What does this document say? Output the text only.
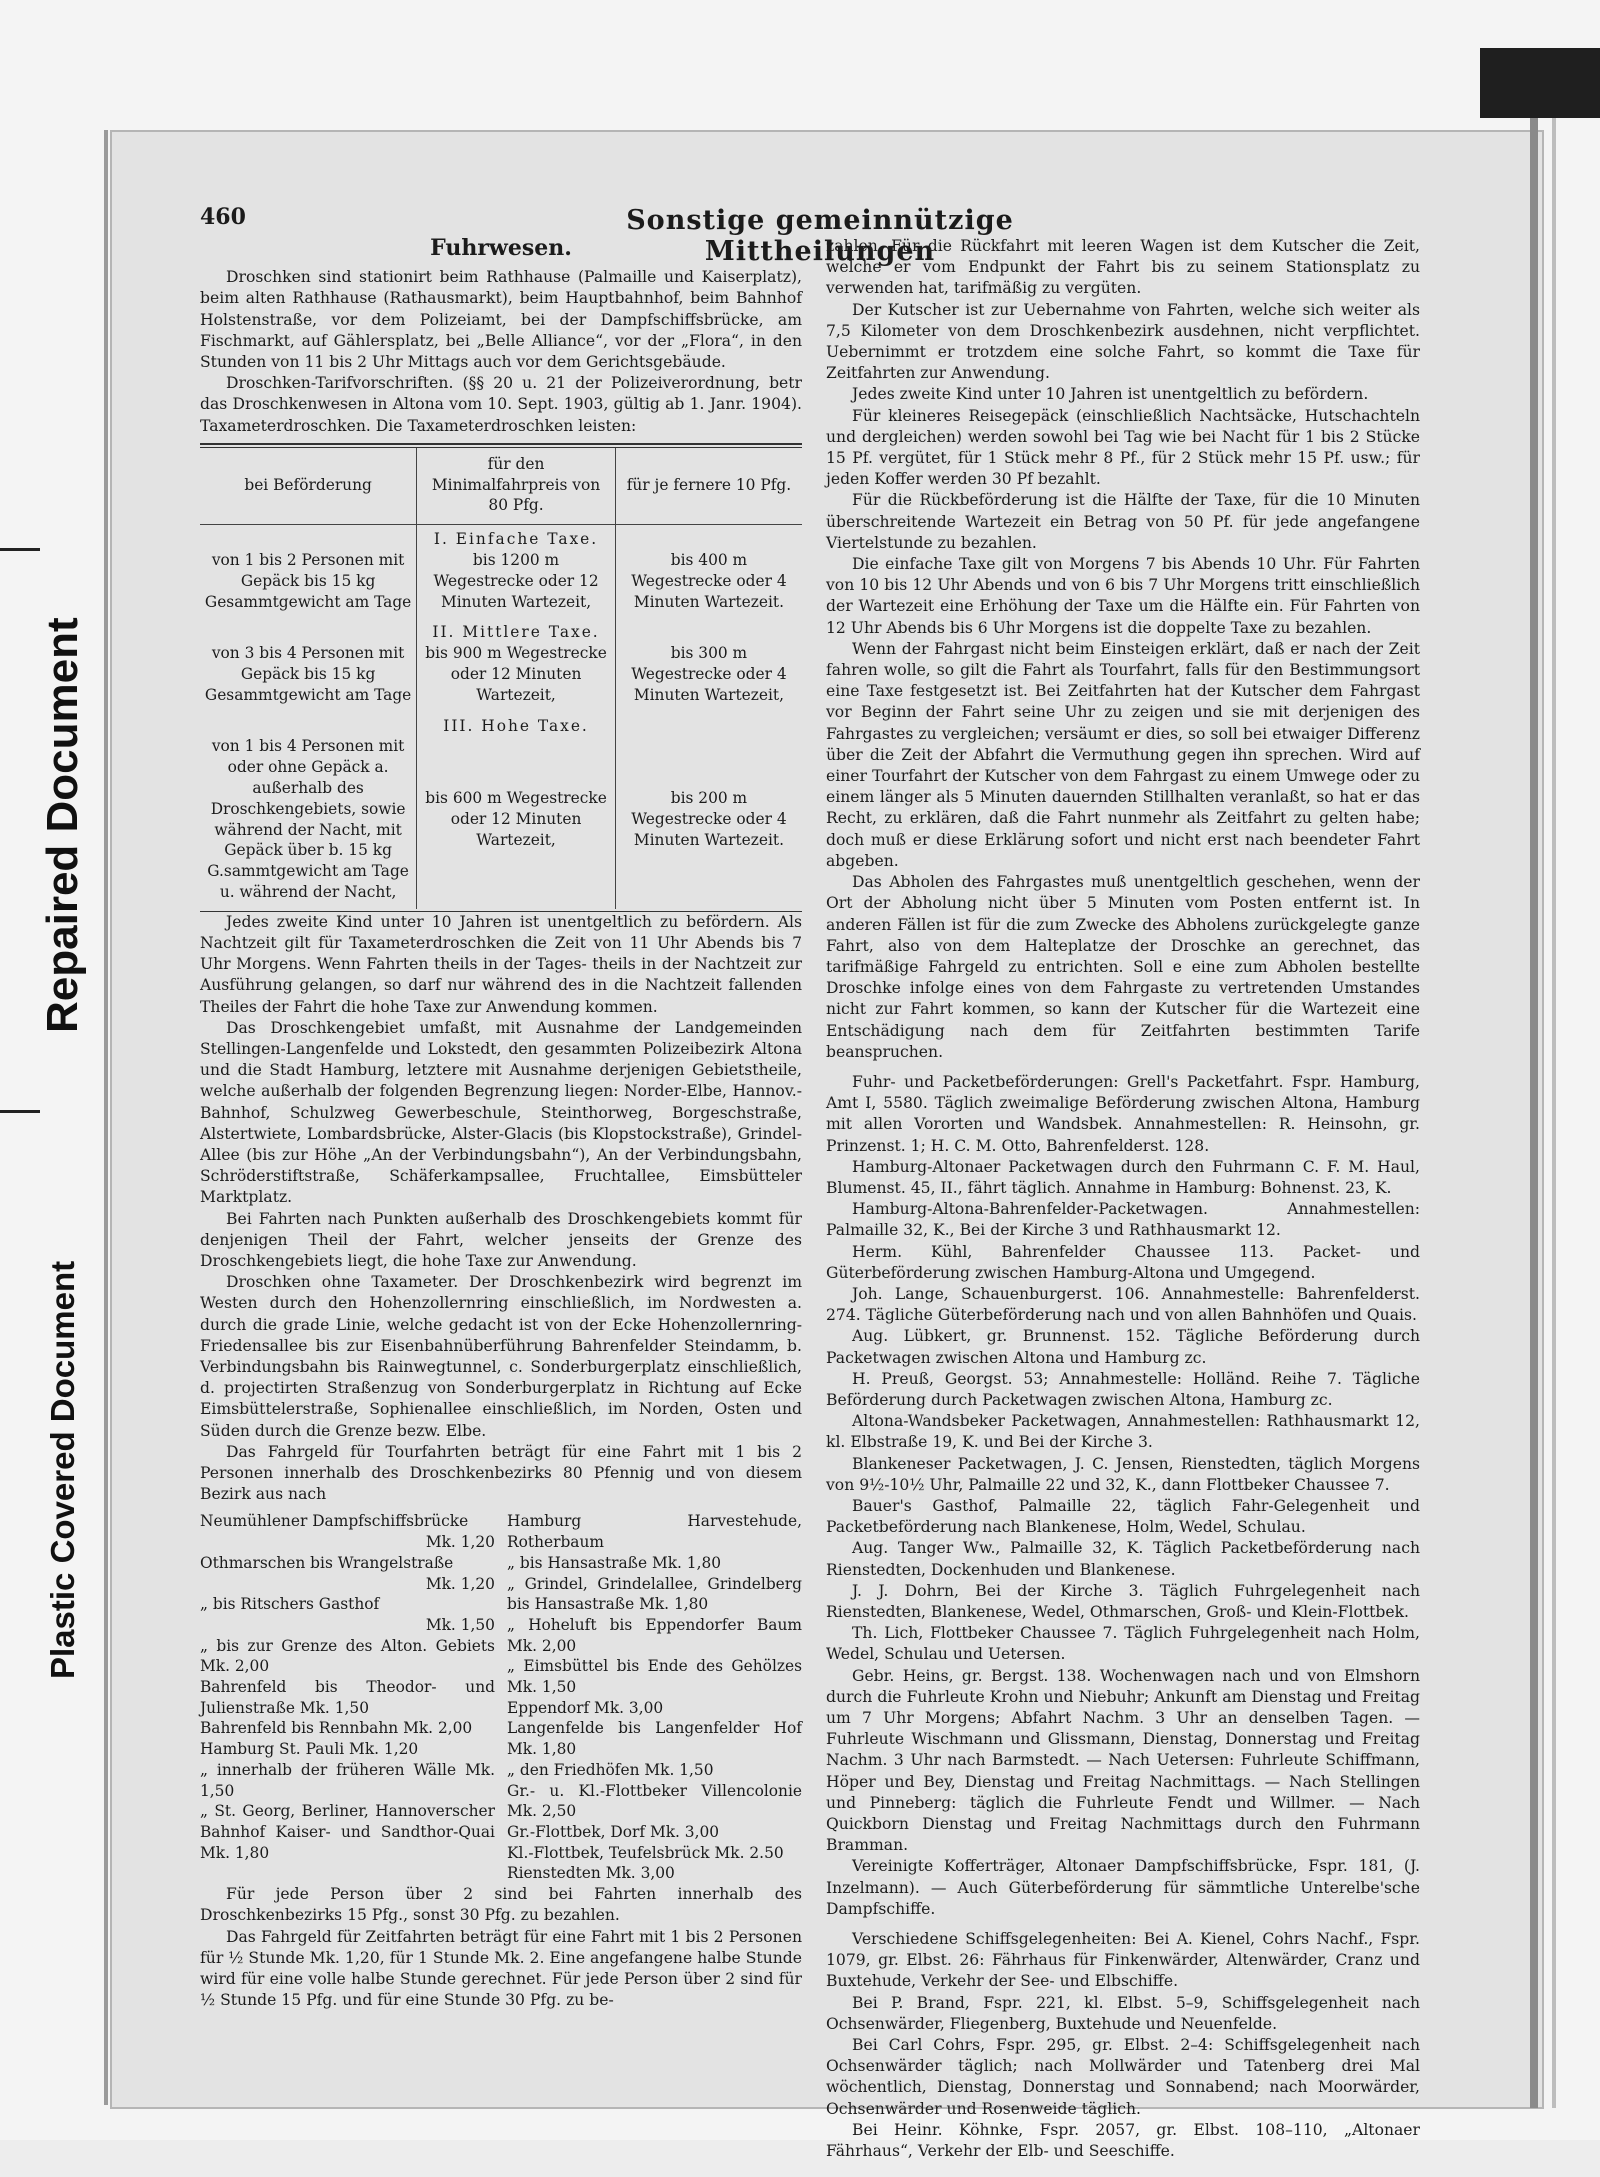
Repaired Document
Plastic Covered Document
460	Sonstige gemeinnützige Mittheilungen
Fuhrwesen.

Droschken sind stationirt beim Rathhause (Palmaille und Kaiserplatz), beim alten Rathhause (Rathausmarkt), beim Hauptbahnhof, beim Bahnhof Holstenstraße, vor dem Polizeiamt, bei der Dampfschiffsbrücke, am Fischmarkt, auf Gählersplatz, bei „Belle Alliance“, vor der „Flora“, in den Stunden von 11 bis 2 Uhr Mittags auch vor dem Gerichtsgebäude.

Droschken-Tarifvorschriften. (§§ 20 u. 21 der Polizeiverordnung, betr das Droschkenwesen in Altona vom 10. Sept. 1903, gültig ab 1. Janr. 1904). Taxameterdroschken. Die Taxameterdroschken leisten:

bei Beförderung	für den Minimalfahrpreis von 80 Pfg.	für je fernere 10 Pfg.
	I. Einfache Taxe.	
von 1 bis 2 Personen mit Gepäck bis 15 kg Gesammtgewicht am Tage	bis 1200 m Wegestrecke oder 12 Minuten Wartezeit,	bis 400 m Wegestrecke oder 4 Minuten Wartezeit.
	II. Mittlere Taxe.	
von 3 bis 4 Personen mit Gepäck bis 15 kg Gesammtgewicht am Tage	bis 900 m Wegestrecke oder 12 Minuten Wartezeit,	bis 300 m Wegestrecke oder 4 Minuten Wartezeit,
	III. Hohe Taxe.	
von 1 bis 4 Personen mit oder ohne Gepäck a. außerhalb des Droschkengebiets, sowie während der Nacht, mit Gepäck über b. 15 kg G.sammtgewicht am Tage u. während der Nacht,	bis 600 m Wegestrecke oder 12 Minuten Wartezeit,	bis 200 m Wegestrecke oder 4 Minuten Wartezeit.

Jedes zweite Kind unter 10 Jahren ist unentgeltlich zu befördern. Als Nachtzeit gilt für Taxameterdroschken die Zeit von 11 Uhr Abends bis 7 Uhr Morgens. Wenn Fahrten theils in der Tages- theils in der Nachtzeit zur Ausführung gelangen, so darf nur während des in die Nachtzeit fallenden Theiles der Fahrt die hohe Taxe zur Anwendung kommen.

Das Droschkengebiet umfaßt, mit Ausnahme der Landgemeinden Stellingen-Langenfelde und Lokstedt, den gesammten Polizeibezirk Altona und die Stadt Hamburg, letztere mit Ausnahme derjenigen Gebietstheile, welche außerhalb der folgenden Begrenzung liegen: Norder-Elbe, Hannov.-Bahnhof, Schulzweg Gewerbeschule, Steinthorweg, Borgeschstraße, Alstertwiete, Lombardsbrücke, Alster-Glacis (bis Klopstockstraße), Grindel-Allee (bis zur Höhe „An der Verbindungsbahn“), An der Verbindungsbahn, Schröderstiftstraße, Schäferkampsallee, Fruchtallee, Eimsbütteler Marktplatz.

Bei Fahrten nach Punkten außerhalb des Droschkengebiets kommt für denjenigen Theil der Fahrt, welcher jenseits der Grenze des Droschkengebiets liegt, die hohe Taxe zur Anwendung.

Droschken ohne Taxameter. Der Droschkenbezirk wird begrenzt im Westen durch den Hohenzollernring einschließlich, im Nordwesten a. durch die grade Linie, welche gedacht ist von der Ecke Hohenzollernring-Friedensallee bis zur Eisenbahnüberführung Bahrenfelder Steindamm, b. Verbindungsbahn bis Rainwegtunnel, c. Sonderburgerplatz einschließlich, d. projectirten Straßenzug von Sonderburgerplatz in Richtung auf Ecke Eimsbüttelerstraße, Sophienallee einschließlich, im Norden, Osten und Süden durch die Grenze bezw. Elbe.

Das Fahrgeld für Tourfahrten beträgt für eine Fahrt mit 1 bis 2 Personen innerhalb des Droschkenbezirks 80 Pfennig und von diesem Bezirk aus nach

Neumühlener Dampfschiffsbrücke
Mk. 1,20
Othmarschen bis Wrangelstraße
Mk. 1,20
„ bis Ritschers Gasthof
Mk. 1,50
„ bis zur Grenze des Alton. Gebiets Mk. 2,00
Bahrenfeld bis Theodor- und Julienstraße Mk. 1,50
Bahrenfeld bis Rennbahn Mk. 2,00
Hamburg St. Pauli Mk. 1,20
„ innerhalb der früheren Wälle Mk. 1,50
„ St. Georg, Berliner, Hannoverscher Bahnhof Kaiser- und Sandthor-Quai Mk. 1,80
Hamburg Harvestehude, Rotherbaum
„ bis Hansastraße Mk. 1,80
„ Grindel, Grindelallee, Grindelberg bis Hansastraße Mk. 1,80
„ Hoheluft bis Eppendorfer Baum Mk. 2,00
„ Eimsbüttel bis Ende des Gehölzes Mk. 1,50
Eppendorf Mk. 3,00
Langenfelde bis Langenfelder Hof Mk. 1,80
„ den Friedhöfen Mk. 1,50
Gr.- u. Kl.-Flottbeker Villencolonie Mk. 2,50
Gr.-Flottbek, Dorf Mk. 3,00
Kl.-Flottbek, Teufelsbrück Mk. 2.50
Rienstedten Mk. 3,00

Für jede Person über 2 sind bei Fahrten innerhalb des Droschkenbezirks 15 Pfg., sonst 30 Pfg. zu bezahlen.

Das Fahrgeld für Zeitfahrten beträgt für eine Fahrt mit 1 bis 2 Personen für ½ Stunde Mk. 1,20, für 1 Stunde Mk. 2. Eine angefangene halbe Stunde wird für eine volle halbe Stunde gerechnet. Für jede Person über 2 sind für ½ Stunde 15 Pfg. und für eine Stunde 30 Pfg. zu be-

zahlen. Für die Rückfahrt mit leeren Wagen ist dem Kutscher die Zeit, welche er vom Endpunkt der Fahrt bis zu seinem Stationsplatz zu verwenden hat, tarifmäßig zu vergüten.

Der Kutscher ist zur Uebernahme von Fahrten, welche sich weiter als 7,5 Kilometer von dem Droschkenbezirk ausdehnen, nicht verpflichtet. Uebernimmt er trotzdem eine solche Fahrt, so kommt die Taxe für Zeitfahrten zur Anwendung.

Jedes zweite Kind unter 10 Jahren ist unentgeltlich zu befördern.

Für kleineres Reisegepäck (einschließlich Nachtsäcke, Hutschachteln und dergleichen) werden sowohl bei Tag wie bei Nacht für 1 bis 2 Stücke 15 Pf. vergütet, für 1 Stück mehr 8 Pf., für 2 Stück mehr 15 Pf. usw.; für jeden Koffer werden 30 Pf bezahlt.

Für die Rückbeförderung ist die Hälfte der Taxe, für die 10 Minuten überschreitende Wartezeit ein Betrag von 50 Pf. für jede angefangene Viertelstunde zu bezahlen.

Die einfache Taxe gilt von Morgens 7 bis Abends 10 Uhr. Für Fahrten von 10 bis 12 Uhr Abends und von 6 bis 7 Uhr Morgens tritt einschließlich der Wartezeit eine Erhöhung der Taxe um die Hälfte ein. Für Fahrten von 12 Uhr Abends bis 6 Uhr Morgens ist die doppelte Taxe zu bezahlen.

Wenn der Fahrgast nicht beim Einsteigen erklärt, daß er nach der Zeit fahren wolle, so gilt die Fahrt als Tourfahrt, falls für den Bestimmungsort eine Taxe festgesetzt ist. Bei Zeitfahrten hat der Kutscher dem Fahrgast vor Beginn der Fahrt seine Uhr zu zeigen und sie mit derjenigen des Fahrgastes zu vergleichen; versäumt er dies, so soll bei etwaiger Differenz über die Zeit der Abfahrt die Vermuthung gegen ihn sprechen. Wird auf einer Tourfahrt der Kutscher von dem Fahrgast zu einem Umwege oder zu einem länger als 5 Minuten dauernden Stillhalten veranlaßt, so hat er das Recht, zu erklären, daß die Fahrt nunmehr als Zeitfahrt zu gelten habe; doch muß er diese Erklärung sofort und nicht erst nach beendeter Fahrt abgeben.

Das Abholen des Fahrgastes muß unentgeltlich geschehen, wenn der Ort der Abholung nicht über 5 Minuten vom Posten entfernt ist. In anderen Fällen ist für die zum Zwecke des Abholens zurückgelegte ganze Fahrt, also von dem Halteplatze der Droschke an gerechnet, das tarifmäßige Fahrgeld zu entrichten. Soll e eine zum Abholen bestellte Droschke infolge eines von dem Fahrgaste zu vertretenden Umstandes nicht zur Fahrt kommen, so kann der Kutscher für die Wartezeit eine Entschädigung nach dem für Zeitfahrten bestimmten Tarife beanspruchen.

Fuhr- und Packetbeförderungen: Grell's Packetfahrt. Fspr. Hamburg, Amt I, 5580. Täglich zweimalige Beförderung zwischen Altona, Hamburg mit allen Vororten und Wandsbek. Annahmestellen: R. Heinsohn, gr. Prinzenst. 1; H. C. M. Otto, Bahrenfelderst. 128.

Hamburg-Altonaer Packetwagen durch den Fuhrmann C. F. M. Haul, Blumenst. 45, II., fährt täglich. Annahme in Hamburg: Bohnenst. 23, K.

Hamburg-Altona-Bahrenfelder-Packetwagen. Annahmestellen: Palmaille 32, K., Bei der Kirche 3 und Rathhausmarkt 12.

Herm. Kühl, Bahrenfelder Chaussee 113. Packet- und Güterbeförderung zwischen Hamburg-Altona und Umgegend.

Joh. Lange, Schauenburgerst. 106. Annahmestelle: Bahrenfelderst. 274. Tägliche Güterbeförderung nach und von allen Bahnhöfen und Quais.

Aug. Lübkert, gr. Brunnenst. 152. Tägliche Beförderung durch Packetwagen zwischen Altona und Hamburg zc.

H. Preuß, Georgst. 53; Annahmestelle: Holländ. Reihe 7. Tägliche Beförderung durch Packetwagen zwischen Altona, Hamburg zc.

Altona-Wandsbeker Packetwagen, Annahmestellen: Rathhausmarkt 12, kl. Elbstraße 19, K. und Bei der Kirche 3.

Blankeneser Packetwagen, J. C. Jensen, Rienstedten, täglich Morgens von 9½-10½ Uhr, Palmaille 22 und 32, K., dann Flottbeker Chaussee 7.

Bauer's Gasthof, Palmaille 22, täglich Fahr-Gelegenheit und Packetbeförderung nach Blankenese, Holm, Wedel, Schulau.

Aug. Tanger Ww., Palmaille 32, K. Täglich Packetbeförderung nach Rienstedten, Dockenhuden und Blankenese.

J. J. Dohrn, Bei der Kirche 3. Täglich Fuhrgelegenheit nach Rienstedten, Blankenese, Wedel, Othmarschen, Groß- und Klein-Flottbek.

Th. Lich, Flottbeker Chaussee 7. Täglich Fuhrgelegenheit nach Holm, Wedel, Schulau und Uetersen.

Gebr. Heins, gr. Bergst. 138. Wochenwagen nach und von Elmshorn durch die Fuhrleute Krohn und Niebuhr; Ankunft am Dienstag und Freitag um 7 Uhr Morgens; Abfahrt Nachm. 3 Uhr an denselben Tagen. — Fuhrleute Wischmann und Glissmann, Dienstag, Donnerstag und Freitag Nachm. 3 Uhr nach Barmstedt. — Nach Uetersen: Fuhrleute Schiffmann, Höper und Bey, Dienstag und Freitag Nachmittags. — Nach Stellingen und Pinneberg: täglich die Fuhrleute Fendt und Willmer. — Nach Quickborn Dienstag und Freitag Nachmittags durch den Fuhrmann Bramman.

Vereinigte Kofferträger, Altonaer Dampfschiffsbrücke, Fspr. 181, (J. Inzelmann). — Auch Güterbeförderung für sämmtliche Unterelbe'sche Dampfschiffe.

Verschiedene Schiffsgelegenheiten: Bei A. Kienel, Cohrs Nachf., Fspr. 1079, gr. Elbst. 26: Fährhaus für Finkenwärder, Altenwärder, Cranz und Buxtehude, Verkehr der See- und Elbschiffe.

Bei P. Brand, Fspr. 221, kl. Elbst. 5–9, Schiffsgelegenheit nach Ochsenwärder, Fliegenberg, Buxtehude und Neuenfelde.

Bei Carl Cohrs, Fspr. 295, gr. Elbst. 2–4: Schiffsgelegenheit nach Ochsenwärder täglich; nach Mollwärder und Tatenberg drei Mal wöchentlich, Dienstag, Donnerstag und Sonnabend; nach Moorwärder, Ochsenwärder und Rosenweide täglich.

Bei Heinr. Köhnke, Fspr. 2057, gr. Elbst. 108–110, „Altonaer Fährhaus“, Verkehr der Elb- und Seeschiffe.
